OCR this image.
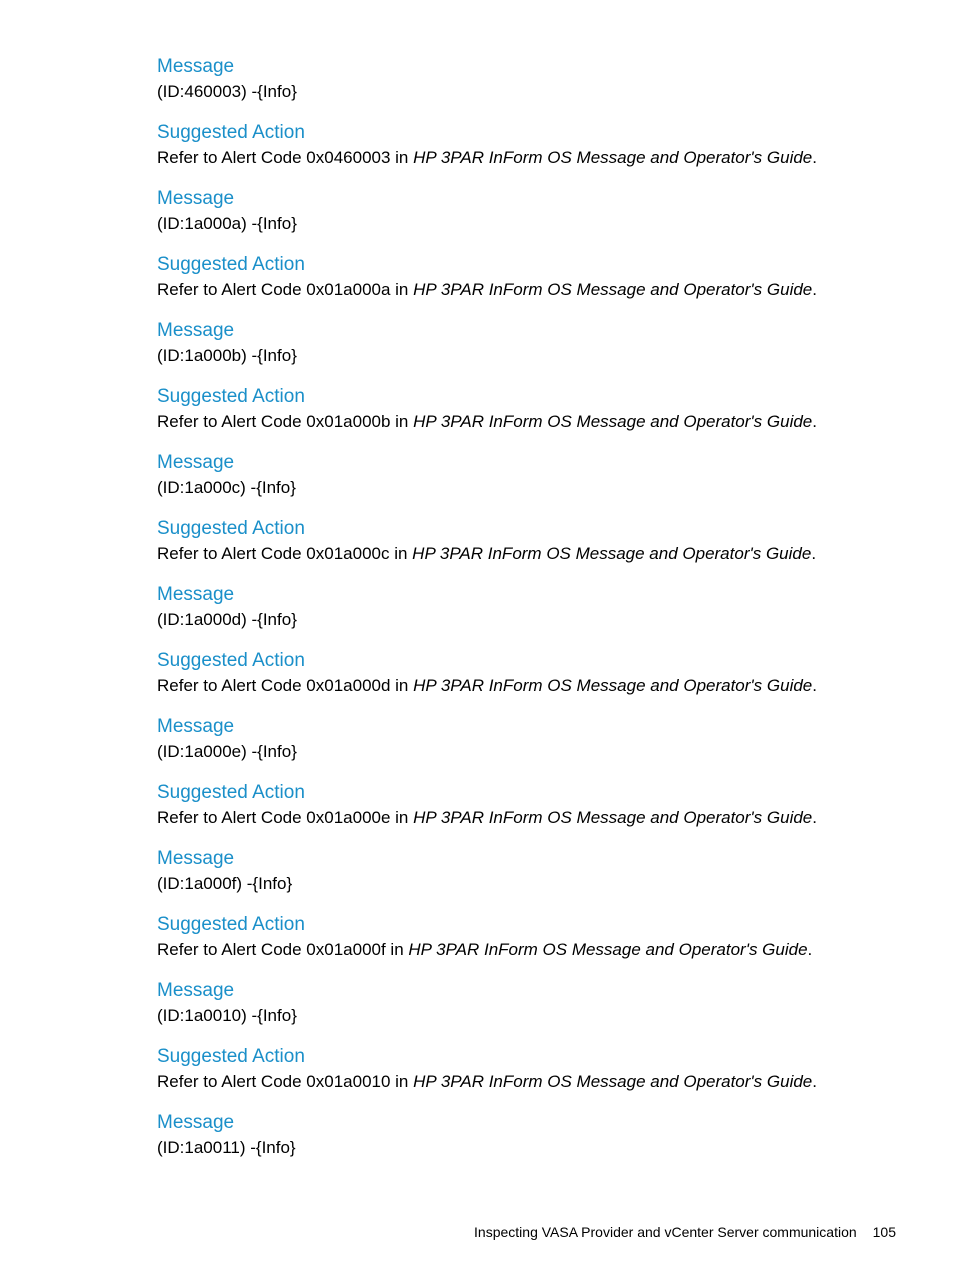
Message
(ID:460003) -{Info}
Suggested Action
Refer to Alert Code 0x0460003 in HP 3PAR InForm OS Message and Operator's Guide.
Message
(ID:1a000a) -{Info}
Suggested Action
Refer to Alert Code 0x01a000a in HP 3PAR InForm OS Message and Operator's Guide.
Message
(ID:1a000b) -{Info}
Suggested Action
Refer to Alert Code 0x01a000b in HP 3PAR InForm OS Message and Operator's Guide.
Message
(ID:1a000c) -{Info}
Suggested Action
Refer to Alert Code 0x01a000c in HP 3PAR InForm OS Message and Operator's Guide.
Message
(ID:1a000d) -{Info}
Suggested Action
Refer to Alert Code 0x01a000d in HP 3PAR InForm OS Message and Operator's Guide.
Message
(ID:1a000e) -{Info}
Suggested Action
Refer to Alert Code 0x01a000e in HP 3PAR InForm OS Message and Operator's Guide.
Message
(ID:1a000f) -{Info}
Suggested Action
Refer to Alert Code 0x01a000f in HP 3PAR InForm OS Message and Operator's Guide.
Message
(ID:1a0010) -{Info}
Suggested Action
Refer to Alert Code 0x01a0010 in HP 3PAR InForm OS Message and Operator's Guide.
Message
(ID:1a0011) -{Info}
Inspecting VASA Provider and vCenter Server communication 105
